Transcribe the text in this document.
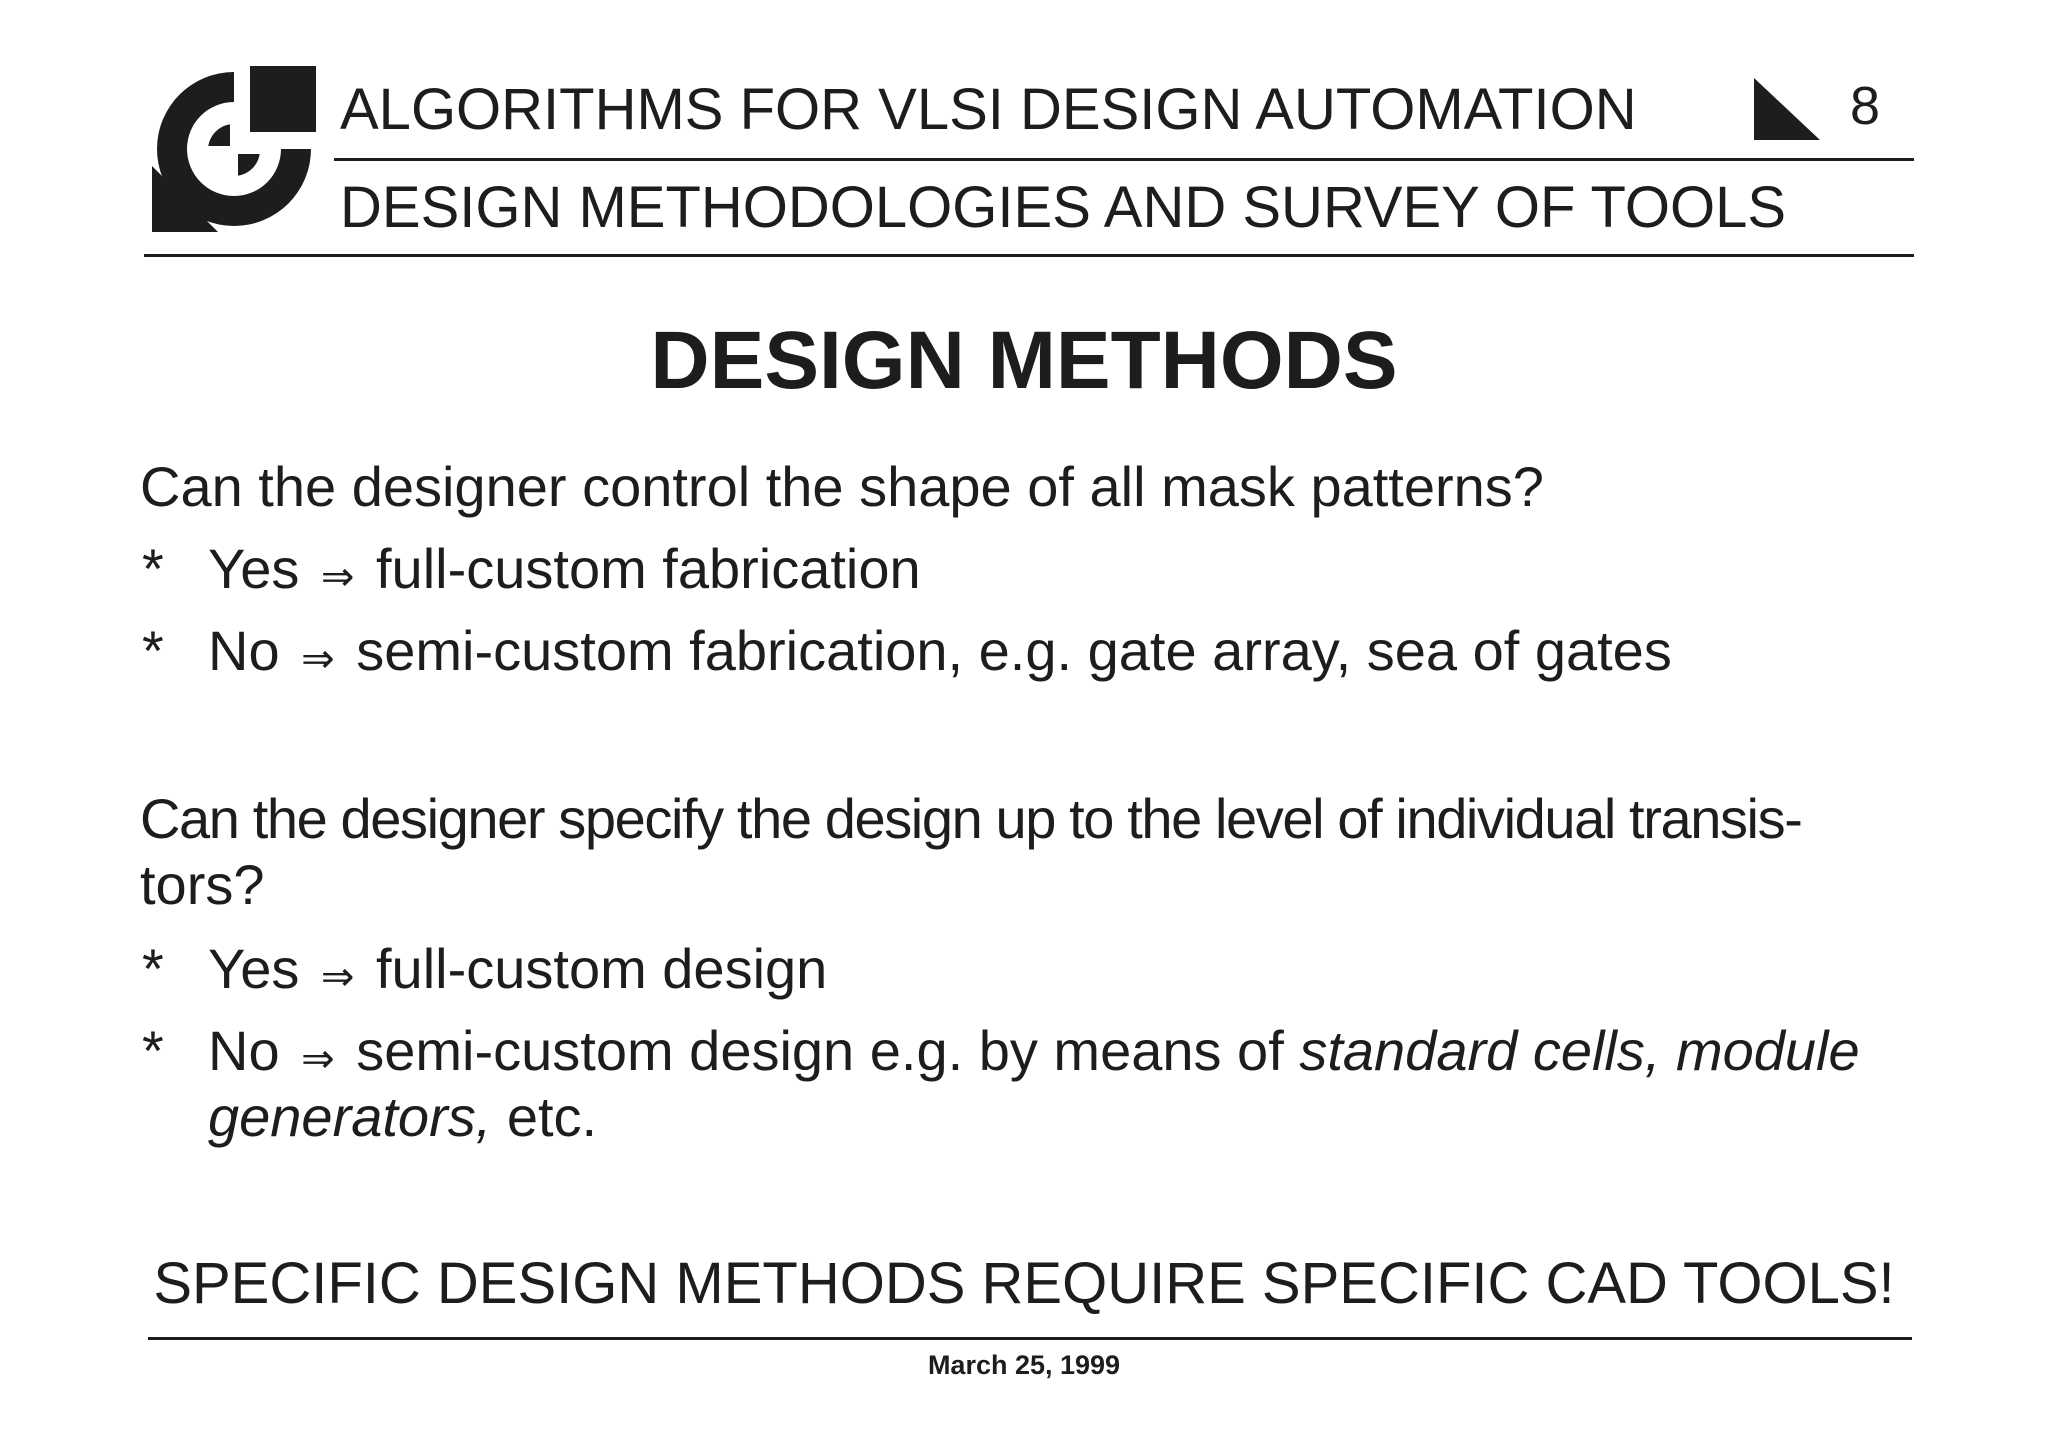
ALGORITHMS FOR VLSI DESIGN AUTOMATION	8
DESIGN METHODOLOGIES AND SURVEY OF TOOLS
DESIGN METHODS
Can the designer control the shape of all mask patterns?
* Yes ⇒ full-custom fabrication
* No ⇒ semi-custom fabrication, e.g. gate array, sea of gates
Can the designer specify the design up to the level of individual transis-
tors?
* Yes ⇒ full-custom design
* No ⇒ semi-custom design e.g. by means of standard cells, module
generators, etc.
SPECIFIC DESIGN METHODS REQUIRE SPECIFIC CAD TOOLS!
March 25, 1999
